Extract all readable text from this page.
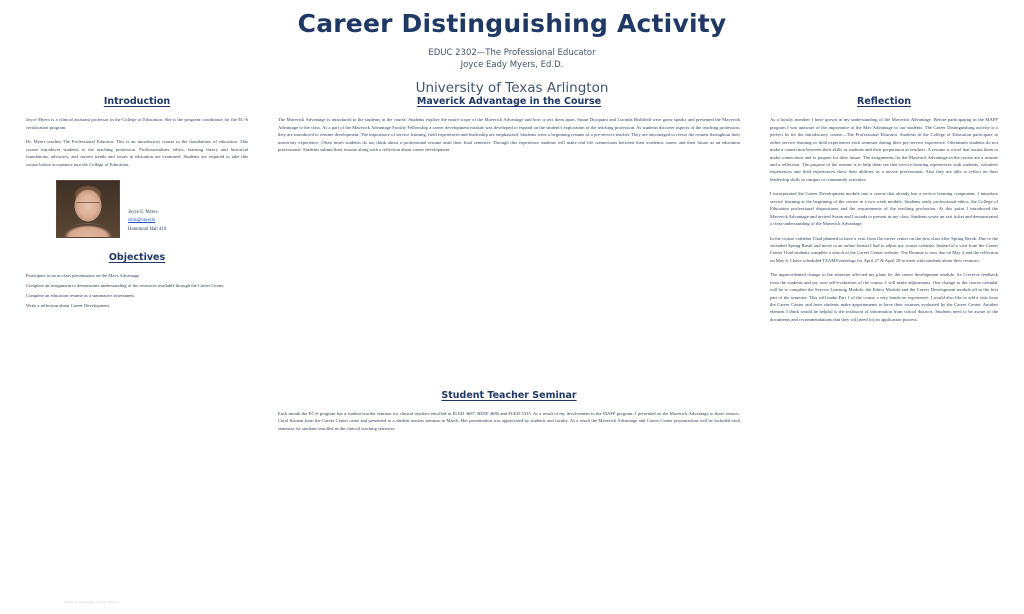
Career Distinguishing Activity
EDUC 2302—The Professional Educator
Joyce Eady Myers, Ed.D.
University of Texas Arlington
Introduction

Joyce Myers is a clinical assistant professor in the College of Education. She is the program coordinator for the EC-6 certification program.

Dr. Myers teaches The Professional Educator. This is an introductory course to the foundations of education. This course introduces students to the teaching profession. Professionalism, ethics, learning theory and historical foundations, advocacy, and current trends and issues in education are examined. Students are required to take this course before acceptance into the College of Education.

Joyce E. Myers
sims@uta.edu
Hammond Hall 410
Objectives
Participate in an in-class presentation on the Mavs Advantage
Complete an assignment to demonstrate understanding of the resources available through the Career Center.
Complete an education resume as a summative assessment.
Write a reflection about Career Development.
Maverick Advantage in the Course

The Maverick Advantage is introduced to the students in the course. Students explore the entire scope of the Maverick Advantage and how it sets them apart. Susan Docquant and Lucinda Bishfield were guest speaks and presented the Maverick Advantage to the class. As a part of the Maverick Advantage Faculty Fellowship a career development module was developed to expand on the student's exploration of the teaching profession. As students discover aspects of the teaching profession, they are introduced to resume development. The importance of service learning, field experiences and leadership are emphasized. Students write a beginning resume as a pre-service teacher. They are encouraged to revise the resume throughout their university experience. Often times students do not think about a professional resume until their final semester. Through this experience students will make real life connections between their academic career and their future as an education professional. Students submit their resume along with a reflection about career development.

Student Teacher Seminar

Each month the EC-6 program has a student teacher seminar for clinical teachers enrolled in ELED 4687, BEEP 4686 and ELED 5315. As a result of my involvement in the MAFF program, I presented on the Maverick Advantage to these seniors. Carol Kinnan from the Career Center came and presented to a student teacher seminar in March. Her presentation was appreciated by students and faculty. As a result the Maverick Advantage and Career Center presentations will be included each semester for students enrolled in the clinical teaching semester.

Reflection

As a faculty member I have grown in my understanding of the Maverick Advantage. Before participating in the MAFF program I was unaware of the importance of the Mav Advantage to our students. The Career Distinguishing activity is a perfect fit for the introductory course—The Professional Educator. Students in the College of Education participate in either service learning or field experiences each semester during their pre-service experience. Oftentimes students do not make a connection between their skills as students and their preparation as teachers. A resume is a tool that assists them to make connections and to prepare for their future. The assignments for the Maverick Advantage in the course are a resume and a reflection. The purpose of the resume is to help them see that service learning experiences with students, volunteer experiences and field experiences show their abilities as a novice professional. Also they are able to reflect on their leadership skills in campus or community activities.

I incorporated the Career Development module into a course that already has a service learning component. I introduce service learning at the beginning of the course in a two week module. Students study professional ethics, the College of Education professional dispositions and the requirements of the teaching profession. At this point I introduced the Maverick Advantage and invited Susan and Lucinda to present in my class. Students wrote an exit ticket and demonstrated a clear understanding of the Maverick Advantage.

In the course calendar I had planned to have a visit from the career center on the first class after Spring Break. Due to the extended Spring Break and move to an online format I had to adjust my course calendar. Instead of a visit from the Career Center I had students complete a search of the Career Center website. The Resume is now due on May 4 and the reflection on May 6. I have scheduled TEAMS meetings for April 27 & April 29 to meet with students about their resumes.

The unprecedented change to the semester affected my plans for the career development module. As I receive feedback from the students and my own self-evaluation of the course, I will make adjustments. One change to the course calendar will be to complete the Service Learning Module, the Ethics Module and the Career Development module all in the first part of the semester. This will make Part 1 of the course a very hands-on experience. I would also like to add a visit from the Career Center and have students make appointments to have their resumes evaluated by the Career Center. Another element I think would be helpful is the inclusion of information from school districts. Students need to be aware of the documents and recommendations that they will need for an application process.

Maverick Advantage Faculty Fellows
